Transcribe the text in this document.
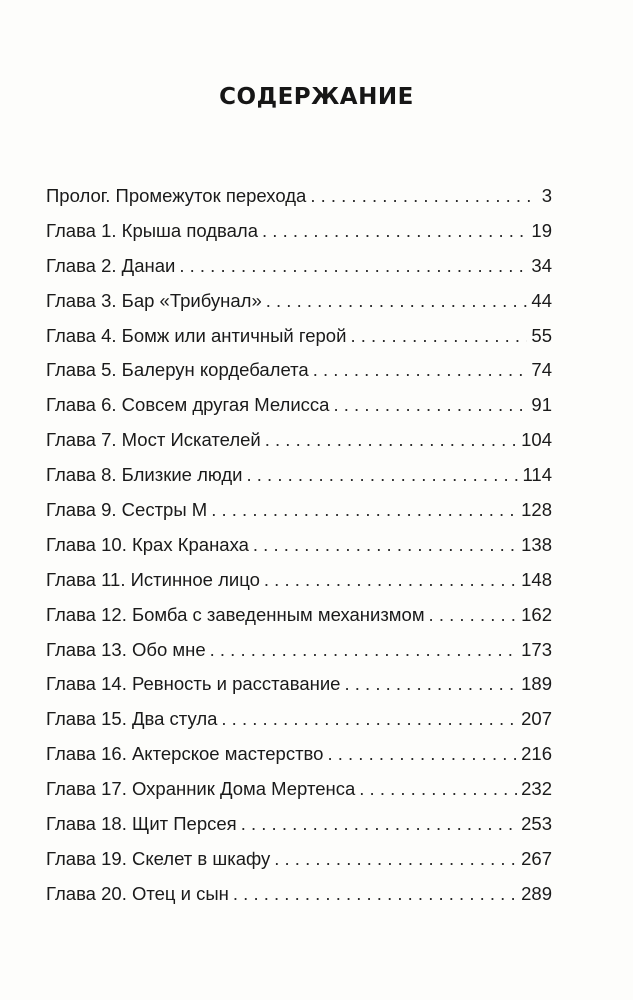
СОДЕРЖАНИЕ
Пролог. Промежуток перехода . . .	3
Глава 1. Крыша подвала . . .	19
Глава 2. Данаи . . .	34
Глава 3. Бар «Трибунал» . . .	44
Глава 4. Бомж или античный герой . . .	55
Глава 5. Балерун кордебалета . . .	74
Глава 6. Совсем другая Мелисса . . .	91
Глава 7. Мост Искателей . . .	104
Глава 8. Близкие люди . . .	114
Глава 9. Сестры М . . .	128
Глава 10. Крах Кранаха . . .	138
Глава 11. Истинное лицо . . .	148
Глава 12. Бомба с заведенным механизмом . . .	162
Глава 13. Обо мне . . .	173
Глава 14. Ревность и расставание . . .	189
Глава 15. Два стула . . .	207
Глава 16. Актерское мастерство . . .	216
Глава 17. Охранник Дома Мертенса . . .	232
Глава 18. Щит Персея . . .	253
Глава 19. Скелет в шкафу . . .	267
Глава 20. Отец и сын . . .	289
